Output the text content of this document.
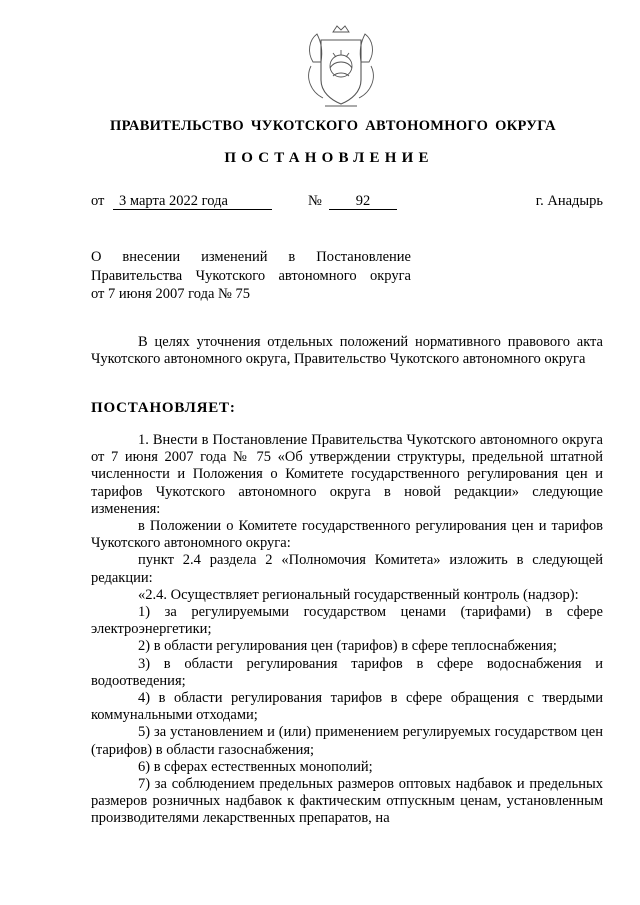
ПРАВИТЕЛЬСТВО ЧУКОТСКОГО АВТОНОМНОГО ОКРУГА
ПОСТАНОВЛЕНИЕ
от	3 марта 2022 года	№	92	г. Анадырь
О внесении изменений в Постановление
Правительства Чукотского автономного округа
от 7 июня 2007 года № 75

В целях уточнения отдельных положений нормативного правового акта Чукотского автономного округа, Правительство Чукотского автономного округа

ПОСТАНОВЛЯЕТ:

1. Внести в Постановление Правительства Чукотского автономного округа от 7 июня 2007 года № 75 «Об утверждении структуры, предельной штатной численности и Положения о Комитете государственного регулирования цен и тарифов Чукотского автономного округа в новой редакции» следующие изменения:

в Положении о Комитете государственного регулирования цен и тарифов Чукотского автономного округа:

пункт 2.4 раздела 2 «Полномочия Комитета» изложить в следующей редакции:

«2.4. Осуществляет региональный государственный контроль (надзор):

1) за регулируемыми государством ценами (тарифами) в сфере электроэнергетики;

2) в области регулирования цен (тарифов) в сфере теплоснабжения;

3) в области регулирования тарифов в сфере водоснабжения и водоотведения;

4) в области регулирования тарифов в сфере обращения с твердыми коммунальными отходами;

5) за установлением и (или) применением регулируемых государством цен (тарифов) в области газоснабжения;

6) в сферах естественных монополий;

7) за соблюдением предельных размеров оптовых надбавок и предельных размеров розничных надбавок к фактическим отпускным ценам, установленным производителями лекарственных препаратов, на
